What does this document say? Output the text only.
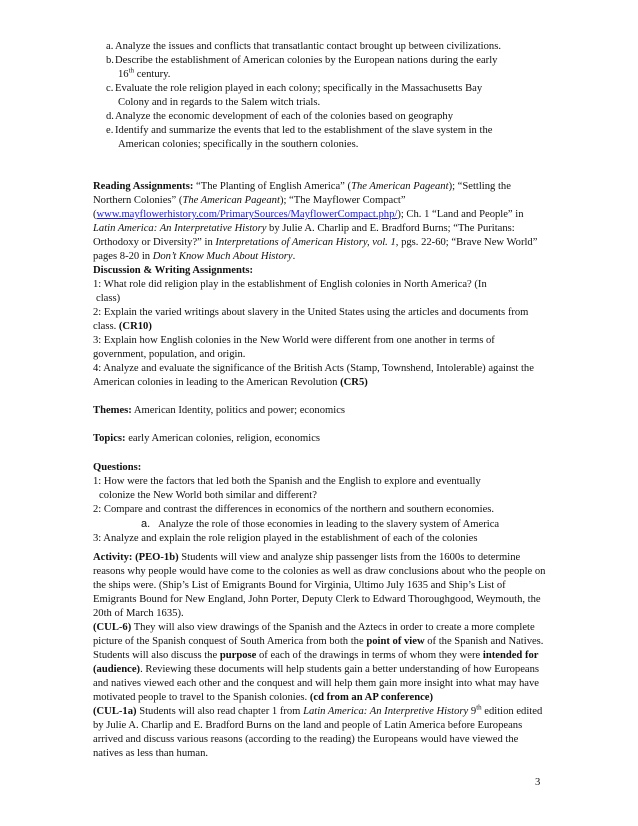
a. Analyze the issues and conflicts that transatlantic contact brought up between civilizations.
b. Describe the establishment of American colonies by the European nations during the early
16th century.
c. Evaluate the role religion played in each colony; specifically in the Massachusetts Bay
Colony and in regards to the Salem witch trials.
d. Analyze the economic development of each of the colonies based on geography
e. Identify and summarize the events that led to the establishment of the slave system in the
American colonies; specifically in the southern colonies.

Reading Assignments: “The Planting of English America” (The American Pageant); “Settling the Northern Colonies” (The American Pageant); “The Mayflower Compact” (www.mayflowerhistory.com/PrimarySources/MayflowerCompact.php/); Ch. 1 “Land and People” in Latin America: An Interpretative History by Julie A. Charlip and E. Bradford Burns; “The Puritans: Orthodoxy or Diversity?” in Interpretations of American History, vol. 1, pgs. 22-60; “Brave New World” pages 8-20 in Don’t Know Much About History.

Discussion & Writing Assignments:

1: What role did religion play in the establishment of English colonies in North America? (In
class)

2: Explain the varied writings about slavery in the United States using the articles and documents from class. (CR10)

3: Explain how English colonies in the New World were different from one another in terms of government, population, and origin.

4: Analyze and evaluate the significance of the British Acts (Stamp, Townshend, Intolerable) against the American colonies in leading to the American Revolution (CR5)

Themes: American Identity, politics and power; economics

Topics: early American colonies, religion, economics

Questions:

1: How were the factors that led both the Spanish and the English to explore and eventually
colonize the New World both similar and different?

2: Compare and contrast the differences in economics of the northern and southern economies.

a. Analyze the role of those economies in leading to the slavery system of America

3: Analyze and explain the role religion played in the establishment of each of the colonies

Activity: (PEO-1b) Students will view and analyze ship passenger lists from the 1600s to determine reasons why people would have come to the colonies as well as draw conclusions about who the people on the ships were. (Ship’s List of Emigrants Bound for Virginia, Ultimo July 1635 and Ship’s List of Emigrants Bound for New England, John Porter, Deputy Clerk to Edward Thoroughgood, Weymouth, the 20th of March 1635).

(CUL-6) They will also view drawings of the Spanish and the Aztecs in order to create a more complete picture of the Spanish conquest of South America from both the point of view of the Spanish and Natives. Students will also discuss the purpose of each of the drawings in terms of whom they were intended for (audience). Reviewing these documents will help students gain a better understanding of how Europeans and natives viewed each other and the conquest and will help them gain more insight into what may have motivated people to travel to the Spanish colonies. (cd from an AP conference)

(CUL-1a) Students will also read chapter 1 from Latin America: An Interpretive History 9th edition edited by Julie A. Charlip and E. Bradford Burns on the land and people of Latin America before Europeans arrived and discuss various reasons (according to the reading) the Europeans would have viewed the natives as less than human.

3
